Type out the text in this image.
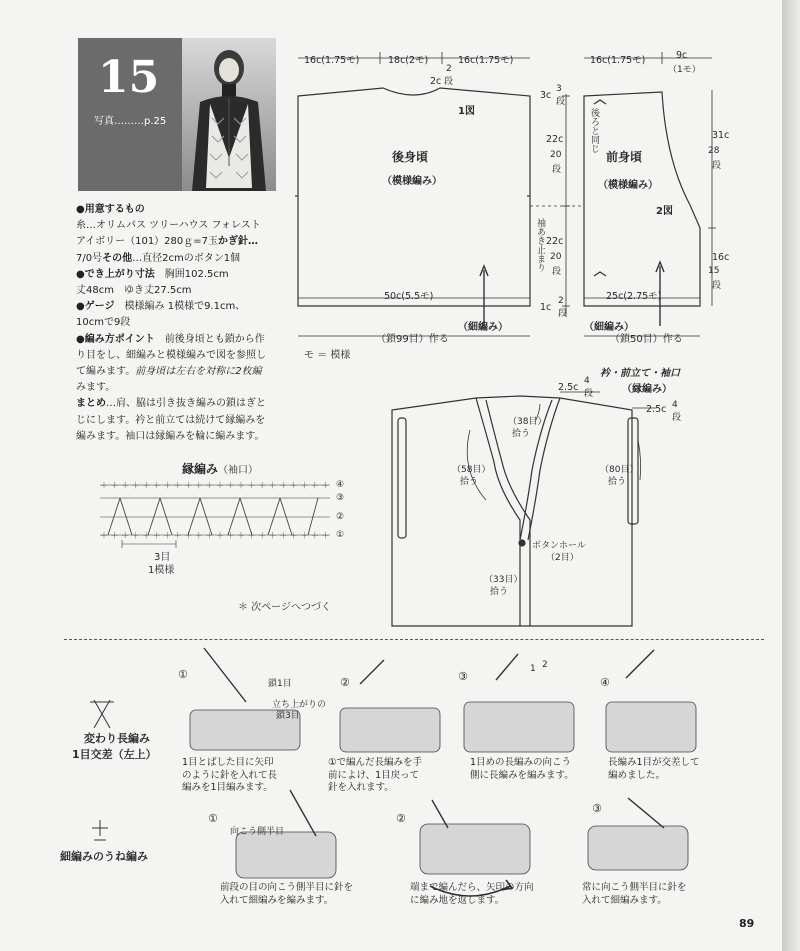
15
写真………p.25

●用意するもの

糸…オリムパス ツリーハウス フォレスト

アイボリー（101）280ｇ=7玉かぎ針…

7/0号その他…直径2cmのボタン1個

●でき上がり寸法　 胸囲102.5cm

丈48cm　ゆき丈27.5cm

●ゲージ　 模様編み 1模様で9.1cm、

10cmで9段

●編み方ポイント　 前後身頃とも鎖から作

り目をし、細編みと模様編みで図を参照し

て編みます。前身頃は左右を対称に2枚編

みます。

まとめ…肩、脇は引き抜き編みの鎖はぎと

じにします。衿と前立ては続けて縁編みを

編みます。袖口は縁編みを輪に編みます。

＋ ＋ ＋ ＋ ＋ ＋ ＋ ＋ ＋ ＋ ＋ ＋ ＋ ＋ ＋ ＋ ＋ ＋ ＋ ＋ ＋ ＋
＋ ＋ ＋ ＋ ＋ ＋ ＋ ＋ ＋ ＋ ＋ ＋ ＋ ＋ ＋ ＋ ＋ ＋ ＋ ＋ ＋ ＋
16c(1.75モ)	18c(2モ)	16c(1.75モ)
2c
2
段
1図
後身頃
（模様編み）
50c(5.5モ)
（細編み）
（鎖99目）作る
モ ＝ 模様
3c
3
段
22c
20
段
袖あき止まり 22c
20
段
1c
2
段
16c(1.75モ)	9c
（1モ）
後ろと同じ
前身頃
（模様編み）
2図
31c
28
段
16c
15
段
25c(2.75モ)
（細編み）
（鎖50目）作る
縁編み（袖口）
④
③
②
①
3目
1模様
衿・前立て・袖口
（縁編み）
2.5c
4
段
2.5c 4
段
（38目）
拾う
（58目）
拾う
（80目）
拾う
ボタンホール
（2目）
（33目）
拾う
＊ 次ページへつづく
変わり長編み
1目交差（左上）
①
②	③	④
鎖1目
立ち上がりの
鎖3目
1 2

1目とばした目に矢印

のように針を入れて長

編みを1目編みます。

①で編んだ長編みを手

前によけ、1目戻って

針を入れます。

1目めの長編みの向こう

側に長編みを編みます。

長編み1目が交差して

編めました。

細編みのうね編み
①	②
③
向こう側半目

前段の目の向こう側半目に針を

入れて細編みを編みます。

端まで編んだら、矢印の方向

に編み地を返します。

常に向こう側半目に針を

入れて細編みます。

89
